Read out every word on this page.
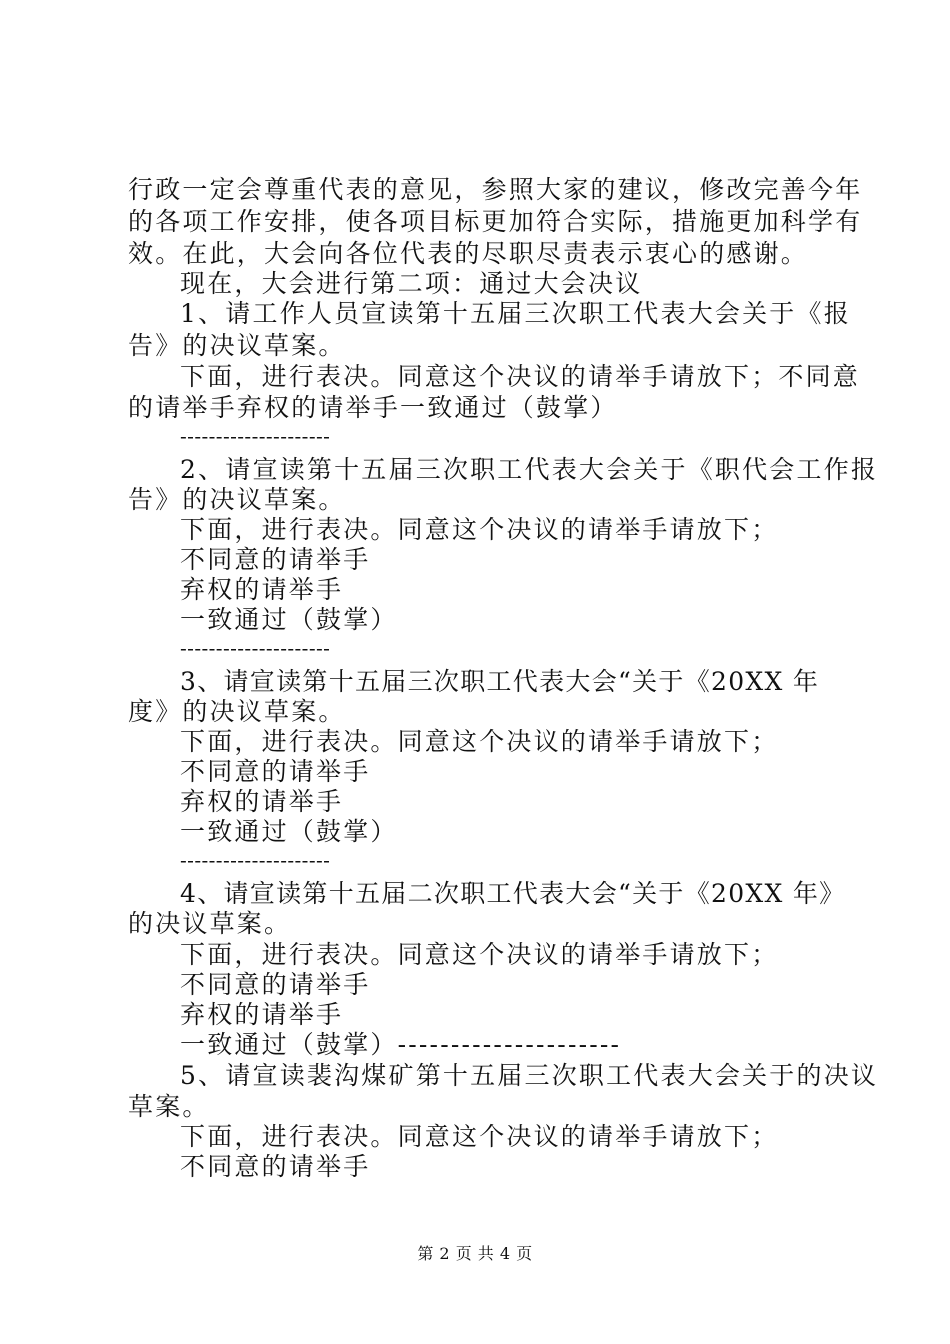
行政一定会尊重代表的意见，参照大家的建议，修改完善今年
的各项工作安排，使各项目标更加符合实际，措施更加科学有
效。在此，大会向各位代表的尽职尽责表示衷心的感谢。
现在，大会进行第二项：通过大会决议
1、请工作人员宣读第十五届三次职工代表大会关于《报
告》的决议草案。
下面，进行表决。同意这个决议的请举手请放下；不同意
的请举手弃权的请举手一致通过（鼓掌）
---------------------
2、请宣读第十五届三次职工代表大会关于《职代会工作报
告》的决议草案。
下面，进行表决。同意这个决议的请举手请放下；
不同意的请举手
弃权的请举手
一致通过（鼓掌）
---------------------
3、请宣读第十五届三次职工代表大会“关于《20XX 年
度》的决议草案。
下面，进行表决。同意这个决议的请举手请放下；
不同意的请举手
弃权的请举手
一致通过（鼓掌）
---------------------
4、请宣读第十五届二次职工代表大会“关于《20XX 年》
的决议草案。
下面，进行表决。同意这个决议的请举手请放下；
不同意的请举手
弃权的请举手
一致通过（鼓掌）---------------------
5、请宣读裴沟煤矿第十五届三次职工代表大会关于的决议
草案。
下面，进行表决。同意这个决议的请举手请放下；
不同意的请举手
第 2 页 共 4 页
